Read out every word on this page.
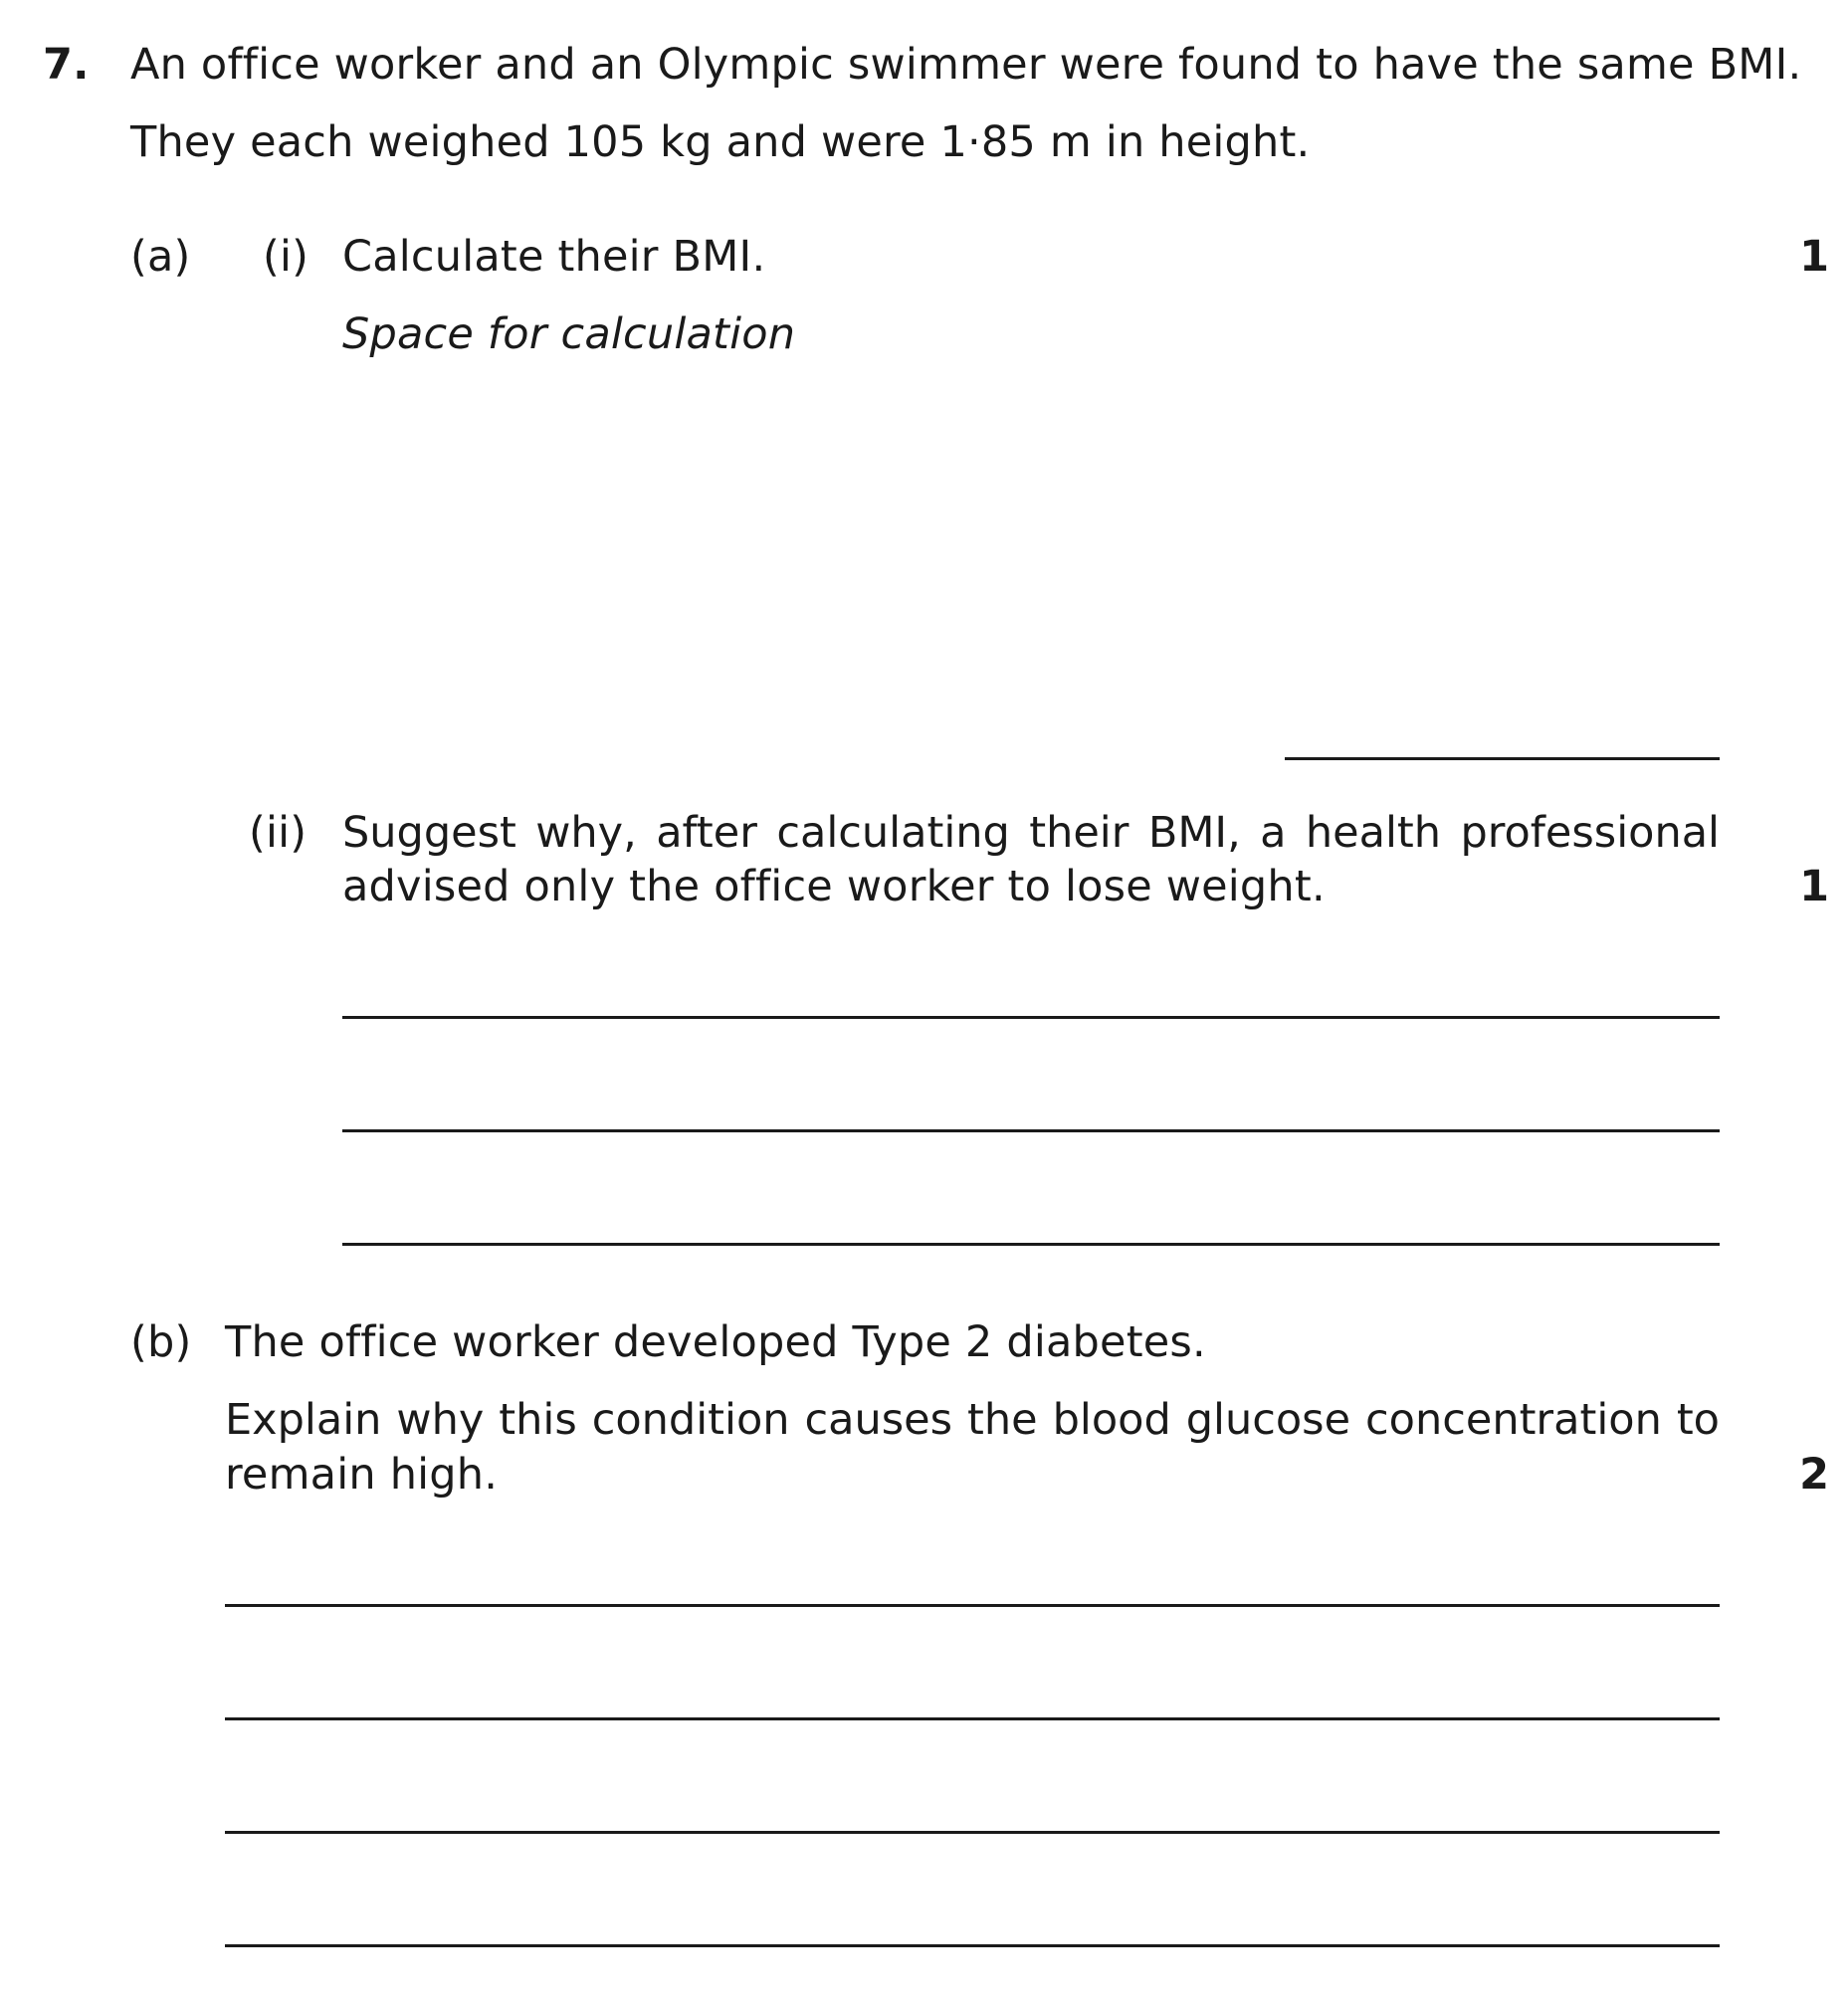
7. An office worker and an Olympic swimmer were found to have the same BMI.
They each weighed 105 kg and were 1·85 m in height.
(a) (i) Calculate their BMI.	1
Space for calculation
(ii) Suggest why, after calculating their BMI, a health professional
advised only the office worker to lose weight.	1
(b) The office worker developed Type 2 diabetes.
Explain why this condition causes the blood glucose concentration to
remain high.	2
